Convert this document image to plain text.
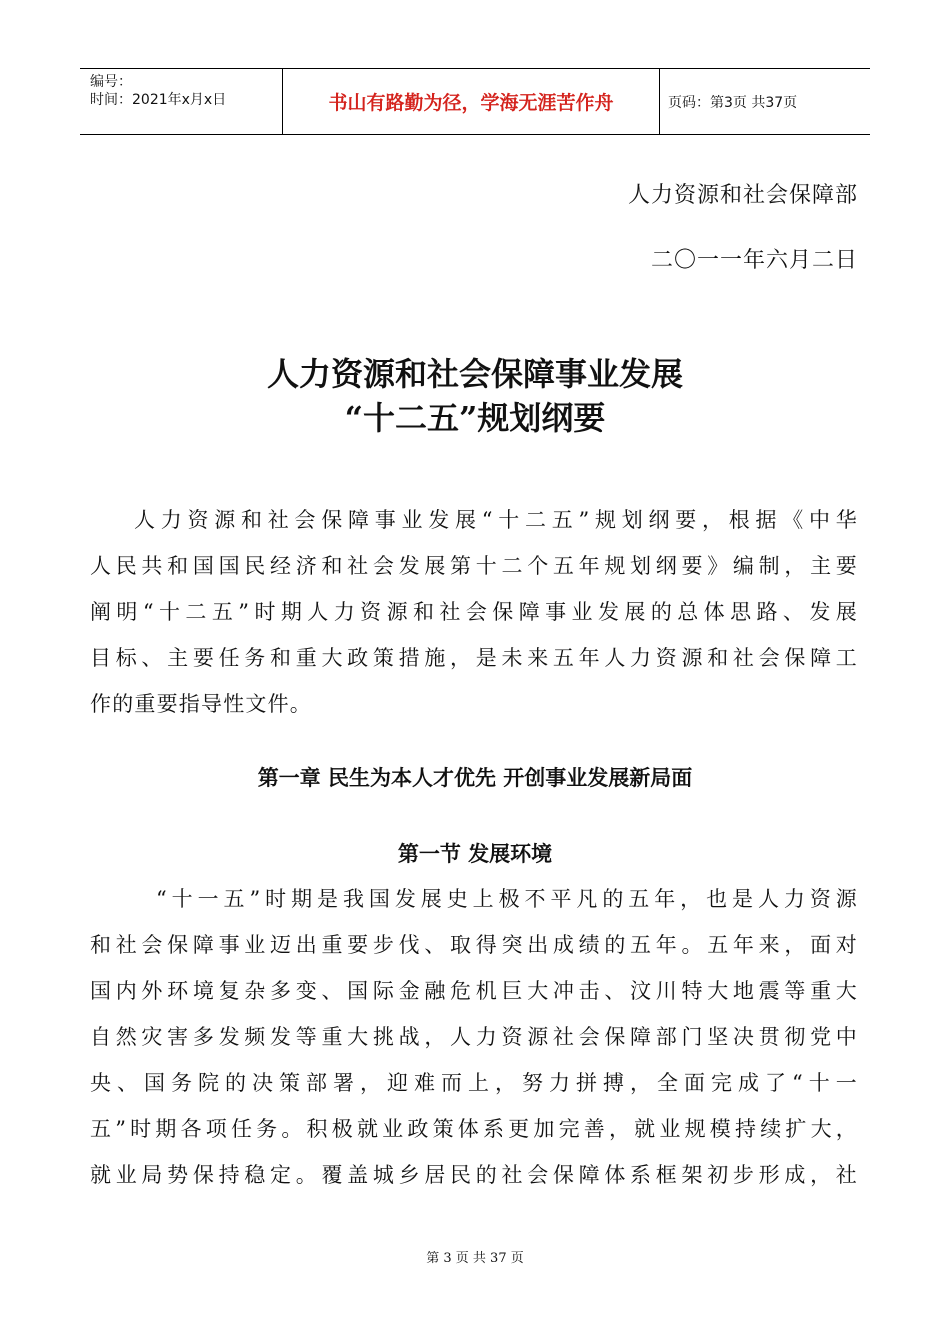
编号：
时间：2021年x月x日	书山有路勤为径，学海无涯苦作舟	页码：第3页 共37页
人力资源和社会保障部
二〇一一年六月二日
人力资源和社会保障事业发展
“十二五”规划纲要
人力资源和社会保障事业发展“十二五”规划纲要，根据《中华
人民共和国国民经济和社会发展第十二个五年规划纲要》编制，主要
阐明“十二五”时期人力资源和社会保障事业发展的总体思路、发展
目标、主要任务和重大政策措施，是未来五年人力资源和社会保障工
作的重要指导性文件。
第一章 民生为本人才优先 开创事业发展新局面
第一节 发展环境
“十一五”时期是我国发展史上极不平凡的五年，也是人力资源
和社会保障事业迈出重要步伐、取得突出成绩的五年。五年来，面对
国内外环境复杂多变、国际金融危机巨大冲击、汶川特大地震等重大
自然灾害多发频发等重大挑战，人力资源社会保障部门坚决贯彻党中
央、国务院的决策部署，迎难而上，努力拼搏，全面完成了“十一
五”时期各项任务。积极就业政策体系更加完善，就业规模持续扩大，
就业局势保持稳定。覆盖城乡居民的社会保障体系框架初步形成，社
第 3 页 共 37 页
